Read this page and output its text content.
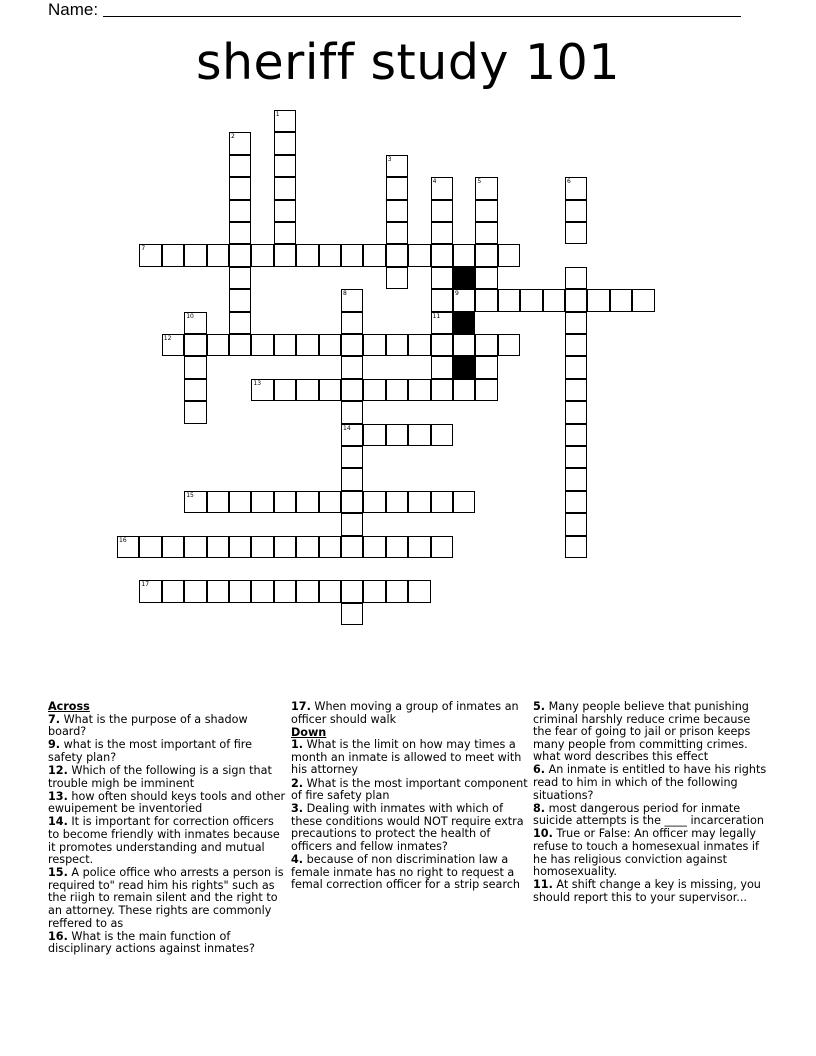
Name:
sheriff study 101
1
2
3
4	5	6
7
9
8
10	11
12
13
14
15
16
17
Across
7. What is the purpose of a shadow board?
9. what is the most important of fire safety plan?
12. Which of the following is a sign that trouble migh be imminent
13. how often should keys tools and other ewuipement be inventoried
14. It is important for correction officers to become friendly with inmates because it promotes understanding and mutual respect.
15. A police office who arrests a person is required to" read him his rights" such as the riigh to remain silent and the right to an attorney. These rights are commonly reffered to as
16. What is the main function of disciplinary actions against inmates?
17. When moving a group of inmates an officer should walk
Down
1. What is the limit on how may times a month an inmate is allowed to meet with his attorney
2. What is the most important component of fire safety plan
3. Dealing with inmates with which of these conditions would NOT require extra precautions to protect the health of officers and fellow inmates?
4. because of non discrimination law a female inmate has no right to request a femal correction officer for a strip search
5. Many people believe that punishing criminal harshly reduce crime because the fear of going to jail or prison keeps many people from committing crimes. what word describes this effect
6. An inmate is entitled to have his rights read to him in which of the following situations?
8. most dangerous period for inmate suicide attempts is the ____ incarceration
10. True or False: An officer may legally refuse to touch a homesexual inmates if he has religious conviction against homosexuality.
11. At shift change a key is missing, you should report this to your supervisor...
